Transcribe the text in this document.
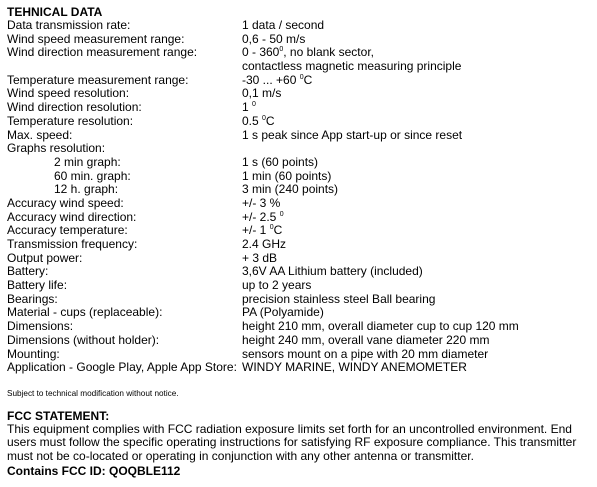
TEHNICAL DATA
Data transmission rate:	1 data / second
Wind speed measurement range:	0,6 - 50 m/s
Wind direction measurement range:	$0 - 360^0$, no blank sector,
contactless magnetic measuring principle
Temperature measurement range:	-30 ... +60 $^0$C
Wind speed resolution:	0,1 m/s
Wind direction resolution:	1 $^0$
Temperature resolution:	0.5 $^0$C
Max. speed:	1 s peak since App start-up or since reset
Graphs resolution:
2 min graph:	1 s (60 points)
60 min. graph:	1 min (60 points)
12 h. graph:	3 min (240 points)
Accuracy wind speed:	+/- 3 %
Accuracy wind direction:	+/- 2.5 $^0$
Accuracy temperature:	+/- 1 $^0$C
Transmission frequency:	2.4 GHz
Output power:	+ 3 dB
Battery:	3,6V AA Lithium battery (included)
Battery life:	up to 2 years
Bearings:	precision stainless steel Ball bearing
Material - cups (replaceable):	PA (Polyamide)
Dimensions:	height 210 mm, overall diameter cup to cup 120 mm
Dimensions (without holder):	height 240 mm, overall vane diameter 220 mm
Mounting:	sensors mount on a pipe with 20 mm diameter
Application - Google Play, Apple App Store: WINDY MARINE, WINDY ANEMOMETER
Subject to technical modification without notice.
FCC STATEMENT:

This equipment complies with FCC radiation exposure limits set forth for an uncontrolled environment. End users must follow the specific operating instructions for satisfying RF exposure compliance. This transmitter must not be co-located or operating in conjunction with any other antenna or transmitter.

Contains FCC ID: QOQBLE112
